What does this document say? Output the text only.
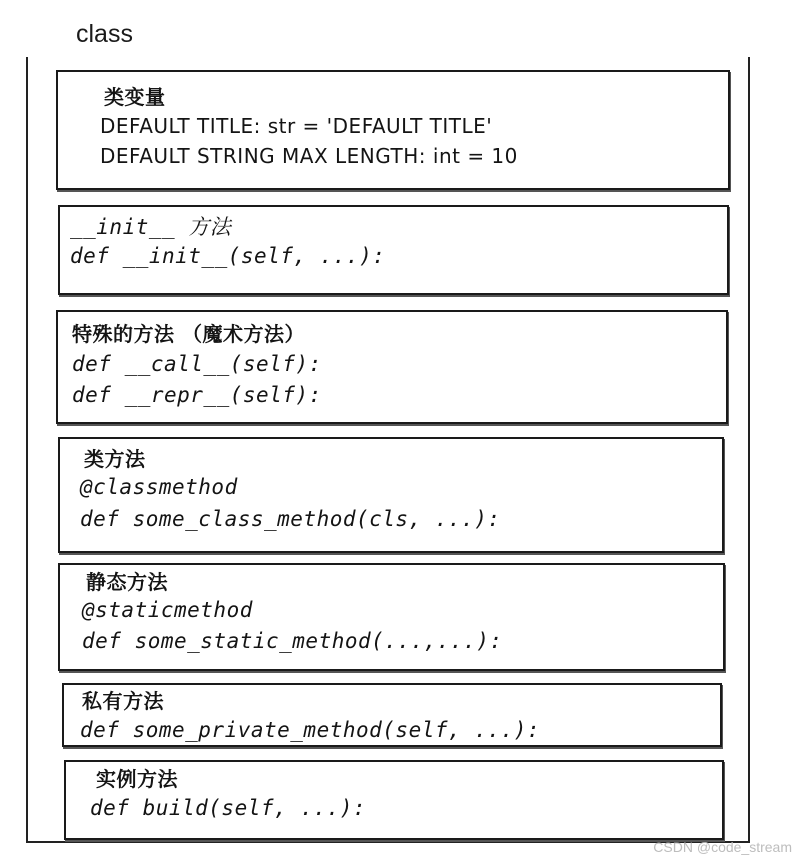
class
类变量
DEFAULT TITLE: str = 'DEFAULT TITLE'
DEFAULT STRING MAX LENGTH: int = 10
__init__ 方法
def __init__(self, ...):
特殊的方法 （魔术方法）
def __call__(self):
def __repr__(self):
类方法
@classmethod
def some_class_method(cls, ...):
静态方法
@staticmethod
def some_static_method(...,...):
私有方法
def some_private_method(self, ...):
实例方法
def build(self, ...):
CSDN @code_stream
